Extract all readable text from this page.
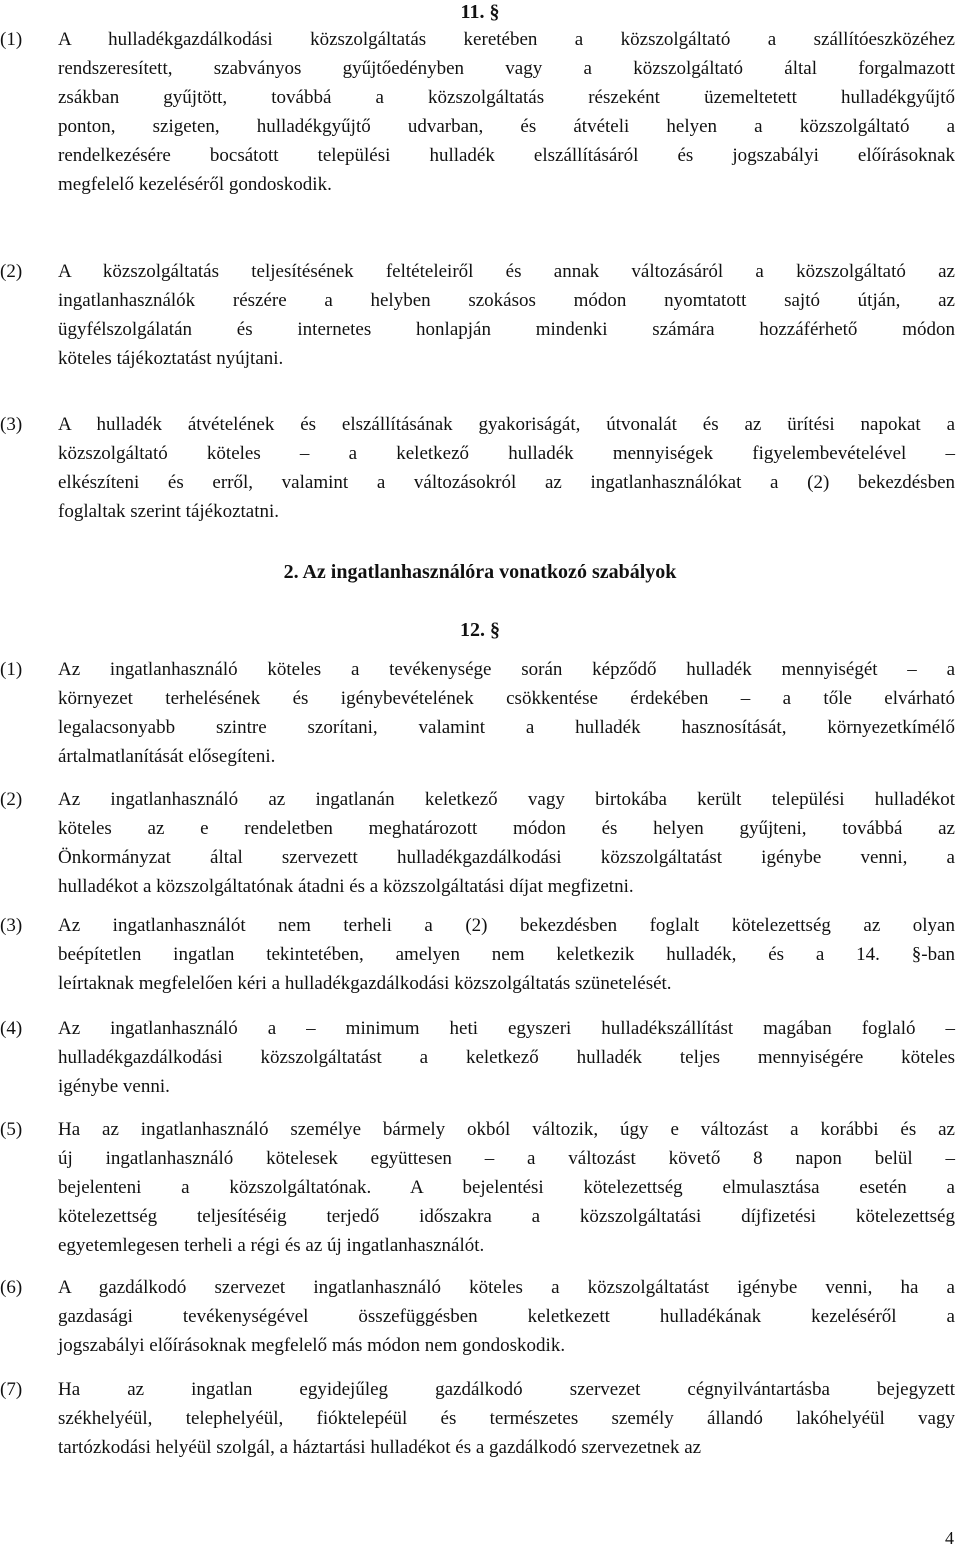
11. §
(1) A hulladékgazdálkodási közszolgáltatás keretében a közszolgáltató a szállítóeszközéhez
rendszeresített, szabványos gyűjtőedényben vagy a közszolgáltató által forgalmazott
zsákban gyűjtött, továbbá a közszolgáltatás részeként üzemeltetett hulladékgyűjtő
ponton, szigeten, hulladékgyűjtő udvarban, és átvételi helyen a közszolgáltató a
rendelkezésére bocsátott települési hulladék elszállításáról és jogszabályi előírásoknak
megfelelő kezeléséről gondoskodik.
(2) A közszolgáltatás teljesítésének feltételeiről és annak változásáról a közszolgáltató az
ingatlanhasználók részére a helyben szokásos módon nyomtatott sajtó útján, az
ügyfélszolgálatán és internetes honlapján mindenki számára hozzáférhető módon
köteles tájékoztatást nyújtani.
(3) A hulladék átvételének és elszállításának gyakoriságát, útvonalát és az ürítési napokat a
közszolgáltató köteles – a keletkező hulladék mennyiségek figyelembevételével –
elkészíteni és erről, valamint a változásokról az ingatlanhasználókat a (2) bekezdésben
foglaltak szerint tájékoztatni.
2. Az ingatlanhasználóra vonatkozó szabályok
12. §
(1) Az ingatlanhasználó köteles a tevékenysége során képződő hulladék mennyiségét – a
környezet terhelésének és igénybevételének csökkentése érdekében – a tőle elvárható
legalacsonyabb szintre szorítani, valamint a hulladék hasznosítását, környezetkímélő
ártalmatlanítását elősegíteni.
(2) Az ingatlanhasználó az ingatlanán keletkező vagy birtokába került települési hulladékot
köteles az e rendeletben meghatározott módon és helyen gyűjteni, továbbá az
Önkormányzat által szervezett hulladékgazdálkodási közszolgáltatást igénybe venni, a
hulladékot a közszolgáltatónak átadni és a közszolgáltatási díjat megfizetni.
(3) Az ingatlanhasználót nem terheli a (2) bekezdésben foglalt kötelezettség az olyan
beépítetlen ingatlan tekintetében, amelyen nem keletkezik hulladék, és a 14. §-ban
leírtaknak megfelelően kéri a hulladékgazdálkodási közszolgáltatás szünetelését.
(4) Az ingatlanhasználó a – minimum heti egyszeri hulladékszállítást magában foglaló –
hulladékgazdálkodási közszolgáltatást a keletkező hulladék teljes mennyiségére köteles
igénybe venni.
(5) Ha az ingatlanhasználó személye bármely okból változik, úgy e változást a korábbi és az
új ingatlanhasználó kötelesek együttesen – a változást követő 8 napon belül –
bejelenteni a közszolgáltatónak. A bejelentési kötelezettség elmulasztása esetén a
kötelezettség teljesítéséig terjedő időszakra a közszolgáltatási díjfizetési kötelezettség
egyetemlegesen terheli a régi és az új ingatlanhasználót.
(6) A gazdálkodó szervezet ingatlanhasználó köteles a közszolgáltatást igénybe venni, ha a
gazdasági tevékenységével összefüggésben keletkezett hulladékának kezeléséről a
jogszabályi előírásoknak megfelelő más módon nem gondoskodik.
(7) Ha az ingatlan egyidejűleg gazdálkodó szervezet cégnyilvántartásba bejegyzett
székhelyéül, telephelyéül, fióktelepéül és természetes személy állandó lakóhelyéül vagy
tartózkodási helyéül szolgál, a háztartási hulladékot és a gazdálkodó szervezetnek az
4
